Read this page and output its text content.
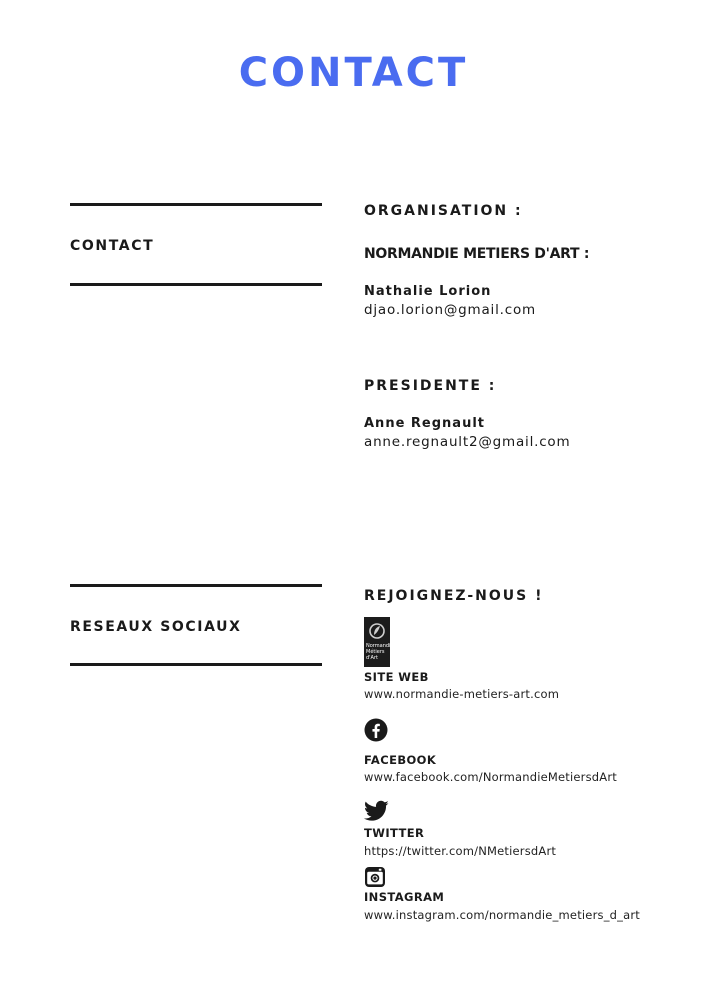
CONTACT

CONTACT

ORGANISATION :

NORMANDIE METIERS D'ART :

Nathalie Lorion

djao.lorion@gmail.com

PRESIDENTE :

Anne Regnault

anne.regnault2@gmail.com

RESEAUX SOCIAUX

REJOIGNEZ-NOUS !

Normandie
Métiers
d'Art

SITE WEB

www.normandie-metiers-art.com

FACEBOOK

www.facebook.com/NormandieMetiersdArt

TWITTER

https://twitter.com/NMetiersdArt

INSTAGRAM

www.instagram.com/normandie_metiers_d_art
